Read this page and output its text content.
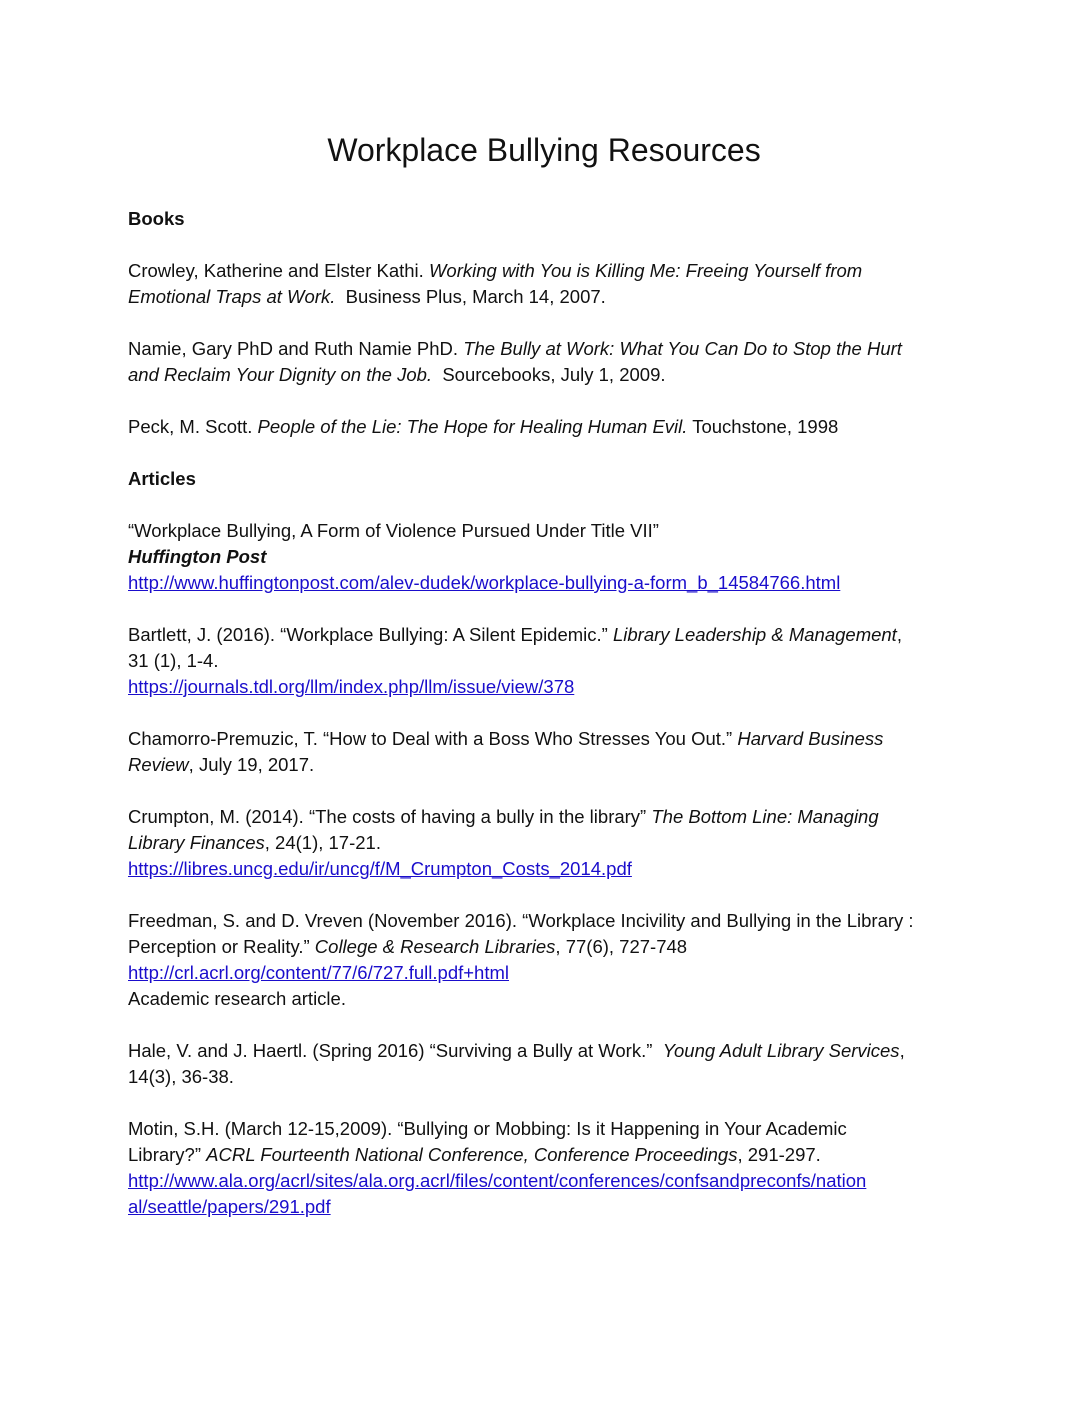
Workplace Bullying Resources
Books
Crowley, Katherine and Elster Kathi. Working with You is Killing Me: Freeing Yourself from
Emotional Traps at Work.  Business Plus, March 14, 2007.
Namie, Gary PhD and Ruth Namie PhD. The Bully at Work: What You Can Do to Stop the Hurt
and Reclaim Your Dignity on the Job.  Sourcebooks, July 1, 2009.
Peck, M. Scott. People of the Lie: The Hope for Healing Human Evil. Touchstone, 1998
Articles
“Workplace Bullying, A Form of Violence Pursued Under Title VII”
Huffington Post
http://www.huffingtonpost.com/alev-dudek/workplace-bullying-a-form_b_14584766.html
Bartlett, J. (2016). “Workplace Bullying: A Silent Epidemic.” Library Leadership & Management,
31 (1), 1-4.
https://journals.tdl.org/llm/index.php/llm/issue/view/378
Chamorro-Premuzic, T. “How to Deal with a Boss Who Stresses You Out.” Harvard Business
Review, July 19, 2017.
Crumpton, M. (2014). “The costs of having a bully in the library” The Bottom Line: Managing
Library Finances, 24(1), 17-21.
https://libres.uncg.edu/ir/uncg/f/M_Crumpton_Costs_2014.pdf
Freedman, S. and D. Vreven (November 2016). “Workplace Incivility and Bullying in the Library :
Perception or Reality.” College & Research Libraries, 77(6), 727-748
http://crl.acrl.org/content/77/6/727.full.pdf+html
Academic research article.
Hale, V. and J. Haertl. (Spring 2016) “Surviving a Bully at Work.”  Young Adult Library Services,
14(3), 36-38.
Motin, S.H. (March 12-15,2009). “Bullying or Mobbing: Is it Happening in Your Academic
Library?” ACRL Fourteenth National Conference, Conference Proceedings, 291-297.
http://www.ala.org/acrl/sites/ala.org.acrl/files/content/conferences/confsandpreconfs/nation
al/seattle/papers/291.pdf
